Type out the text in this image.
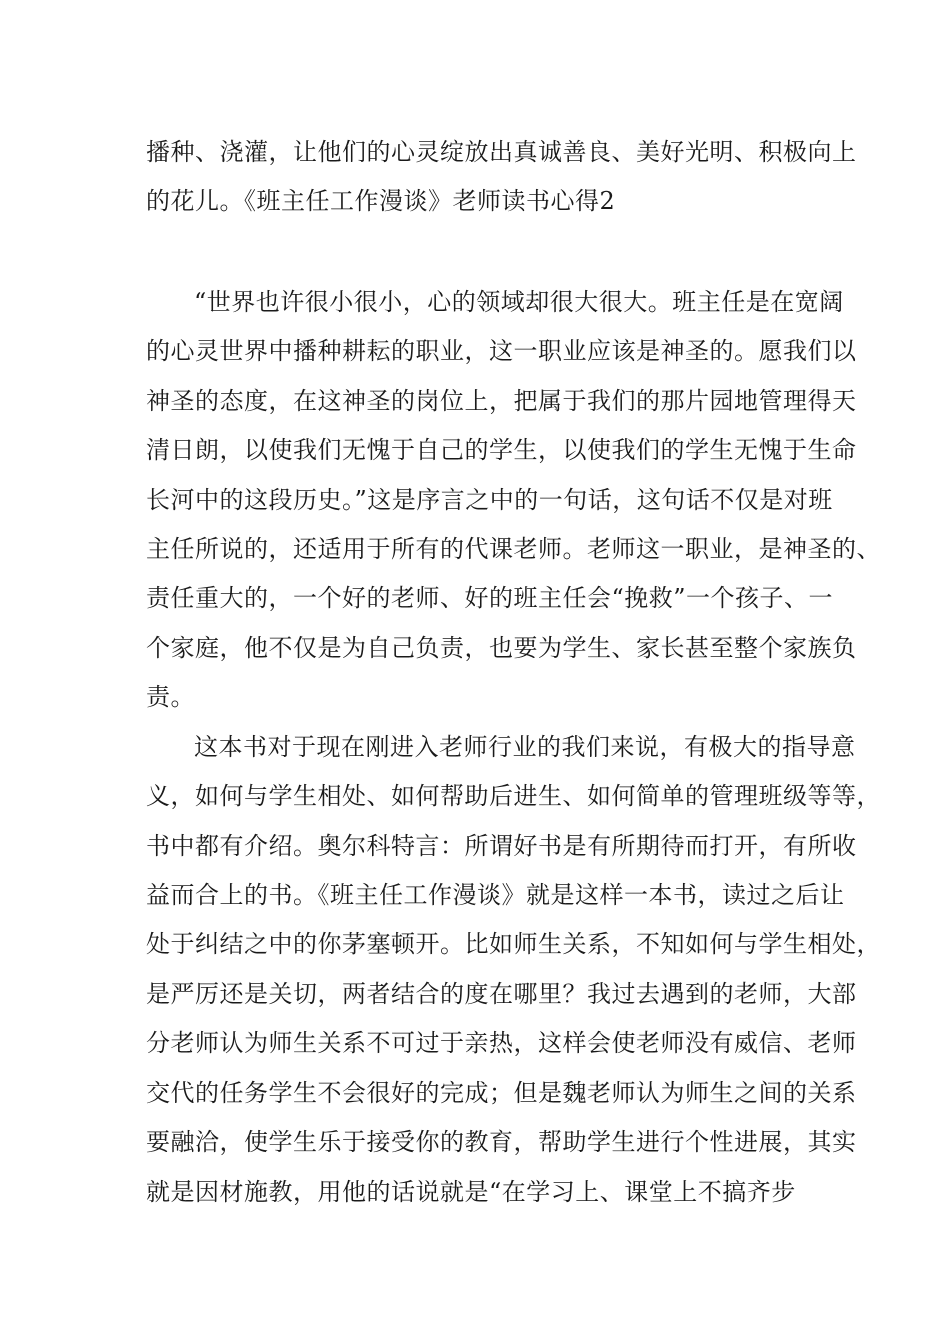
播种、浇灌，让他们的心灵绽放出真诚善良、美好光明、积极向上
的花儿。《班主任工作漫谈》老师读书心得2
“世界也许很小很小，心的领域却很大很大。班主任是在宽阔
的心灵世界中播种耕耘的职业，这一职业应该是神圣的。愿我们以
神圣的态度，在这神圣的岗位上，把属于我们的那片园地管理得天
清日朗，以使我们无愧于自己的学生，以使我们的学生无愧于生命
长河中的这段历史。”这是序言之中的一句话，这句话不仅是对班
主任所说的，还适用于所有的代课老师。老师这一职业，是神圣的、
责任重大的，一个好的老师、好的班主任会“挽救”一个孩子、一
个家庭，他不仅是为自己负责，也要为学生、家长甚至整个家族负
责。
这本书对于现在刚进入老师行业的我们来说，有极大的指导意
义，如何与学生相处、如何帮助后进生、如何简单的管理班级等等，
书中都有介绍。奥尔科特言：所谓好书是有所期待而打开，有所收
益而合上的书。《班主任工作漫谈》就是这样一本书，读过之后让
处于纠结之中的你茅塞顿开。比如师生关系，不知如何与学生相处，
是严厉还是关切，两者结合的度在哪里？我过去遇到的老师，大部
分老师认为师生关系不可过于亲热，这样会使老师没有威信、老师
交代的任务学生不会很好的完成；但是魏老师认为师生之间的关系
要融洽，使学生乐于接受你的教育，帮助学生进行个性进展，其实
就是因材施教，用他的话说就是“在学习上、课堂上不搞齐步
